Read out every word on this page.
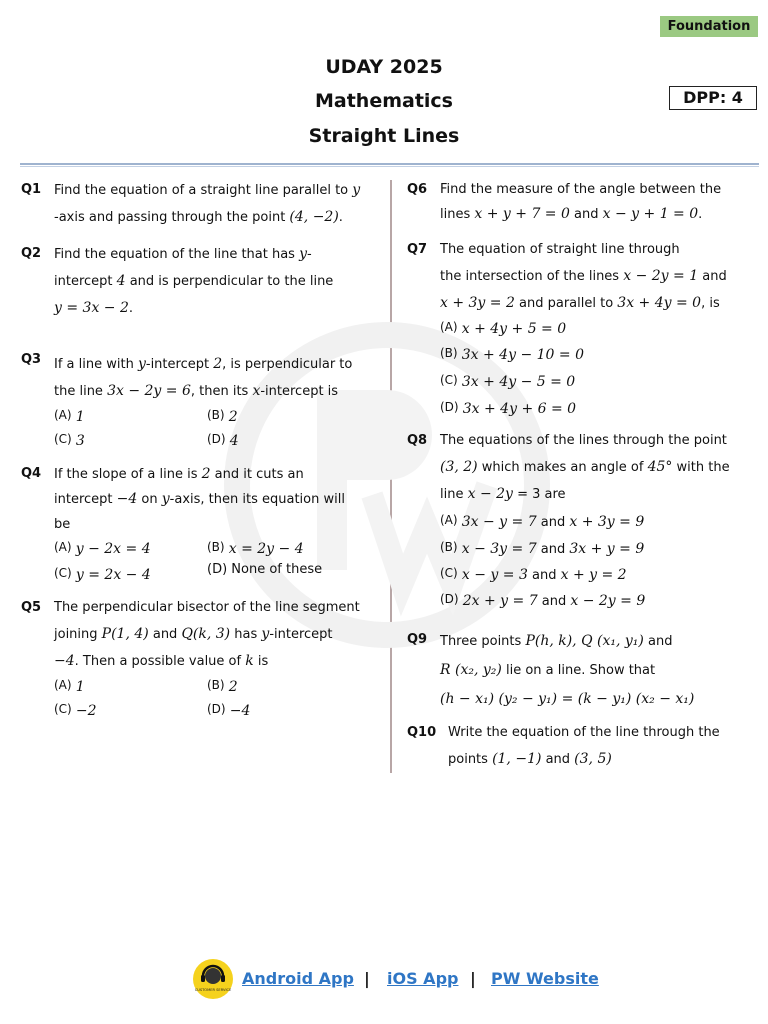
Foundation
UDAY 2025
Mathematics
Straight Lines
DPP: 4
Q1 Find the equation of a straight line parallel to y
-axis and passing through the point (4, −2).
Q2 Find the equation of the line that has y-
intercept 4 and is perpendicular to the line
y = 3x − 2.
Q3 If a line with y-intercept 2, is perpendicular to
the line 3x − 2y = 6, then its x-intercept is
(A) 1	(B) 2
(C) 3	(D) 4
Q4 If the slope of a line is 2 and it cuts an
intercept −4 on y-axis, then its equation will
be
(A) y − 2x = 4	(B) x = 2y − 4
(C) y = 2x − 4	(D) None of these
Q5 The perpendicular bisector of the line segment
joining P(1, 4) and Q(k, 3) has y-intercept
−4. Then a possible value of k is
(A) 1	(B) 2
(C) −2	(D) −4
Q6 Find the measure of the angle between the
lines x + y + 7 = 0 and x − y + 1 = 0.
Q7 The equation of straight line through
the intersection of the lines x − 2y = 1 and
x + 3y = 2 and parallel to 3x + 4y = 0, is
(A) x + 4y + 5 = 0
(B) 3x + 4y − 10 = 0
(C) 3x + 4y − 5 = 0
(D) 3x + 4y + 6 = 0
Q8 The equations of the lines through the point
(3, 2) which makes an angle of 45° with the
line x − 2y = 3 are
(A) 3x − y = 7 and x + 3y = 9
(B) x − 3y = 7 and 3x + y = 9
(C) x − y = 3 and x + y = 2
(D) 2x + y = 7 and x − 2y = 9
Q9 Three points P(h, k), Q (x₁, y₁) and
R (x₂, y₂) lie on a line. Show that
(h − x₁) (y₂ − y₁) = (k − y₁) (x₂ − x₁)
Q10 Write the equation of the line through the
points (1, −1) and (3, 5)
CUSTOMER SERVICE
Android App | iOS App | PW Website
